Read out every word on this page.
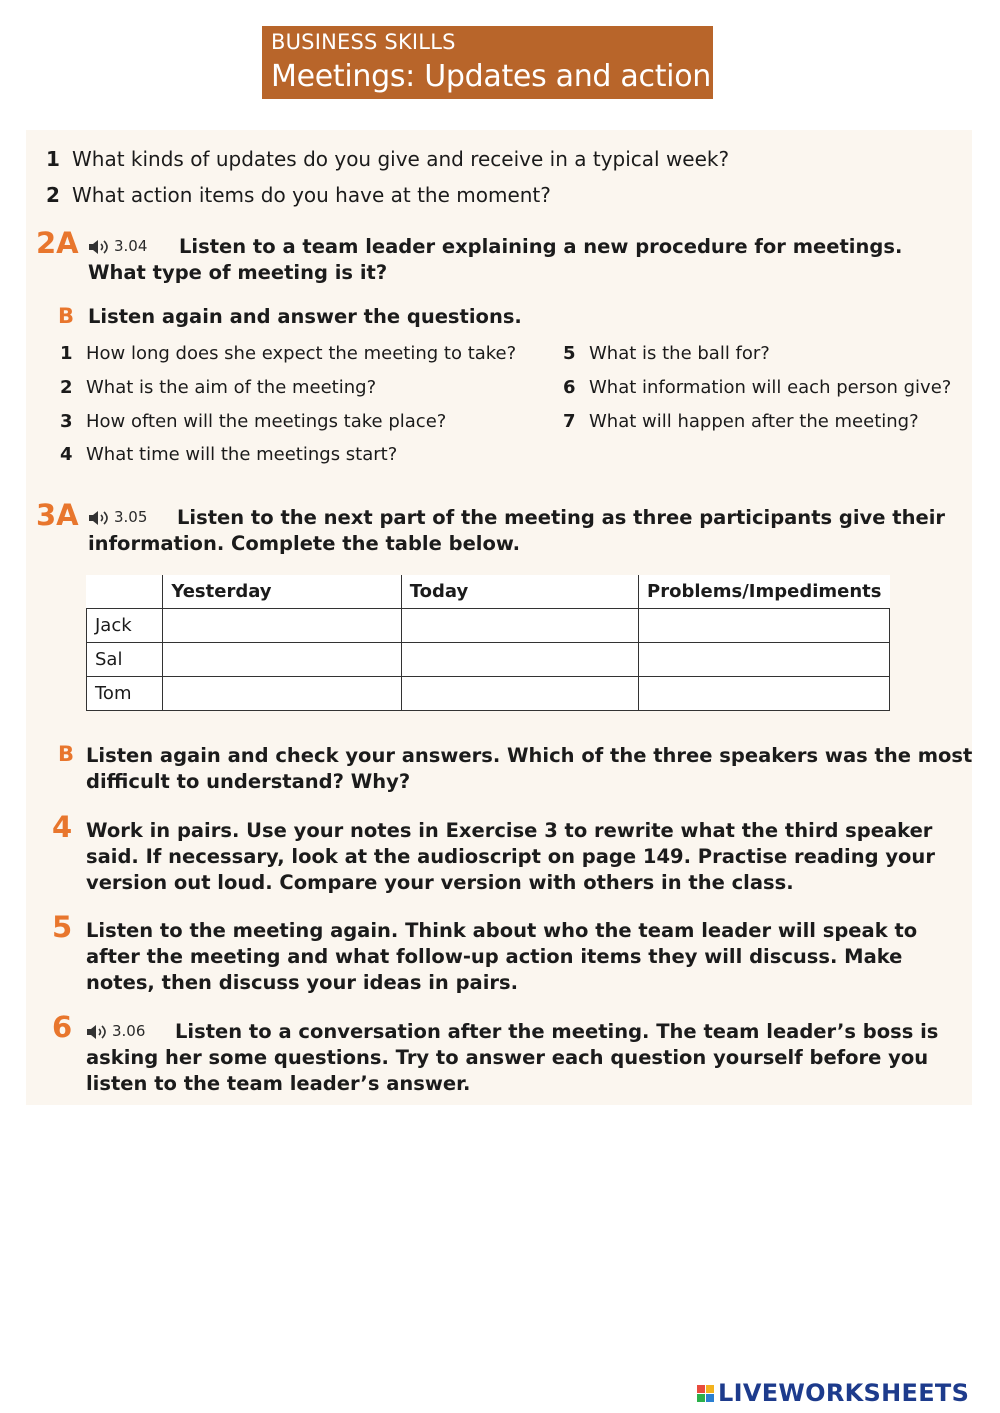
BUSINESS SKILLS
Meetings: Updates and action
1 What kinds of updates do you give and receive in a typical week?
2 What action items do you have at the moment?
2A	3.04 Listen to a team leader explaining a new procedure for meetings.
What type of meeting is it?
B Listen again and answer the questions.
1 How long does she expect the meeting to take?
2 What is the aim of the meeting?
3 How often will the meetings take place?
4 What time will the meetings start?
5 What is the ball for?
6 What information will each person give?
7 What will happen after the meeting?
3A	3.05 Listen to the next part of the meeting as three participants give their
information. Complete the table below.
	Yesterday	Today	Problems/Impediments
Jack			
Sal			
Tom			
B Listen again and check your answers. Which of the three speakers was the most
difficult to understand? Why?
4 Work in pairs. Use your notes in Exercise 3 to rewrite what the third speaker
said. If necessary, look at the audioscript on page 149. Practise reading your
version out loud. Compare your version with others in the class.
5 Listen to the meeting again. Think about who the team leader will speak to
after the meeting and what follow-up action items they will discuss. Make
notes, then discuss your ideas in pairs.
6	3.06 Listen to a conversation after the meeting. The team leader’s boss is
asking her some questions. Try to answer each question yourself before you
listen to the team leader’s answer.
LIVEWORKSHEETS
